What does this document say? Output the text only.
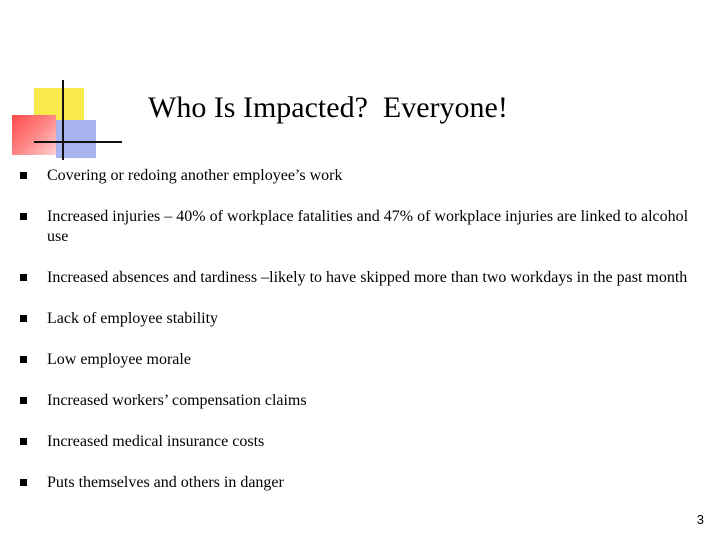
Who Is Impacted?  Everyone!
Covering or redoing another employee’s work
Increased injuries – 40% of workplace fatalities and 47% of workplace injuries are linked to alcohol use
Increased absences and tardiness –likely to have skipped more than two workdays in the past month
Lack of employee stability
Low employee morale
Increased workers’ compensation claims
Increased medical insurance costs
Puts themselves and others in danger
3
